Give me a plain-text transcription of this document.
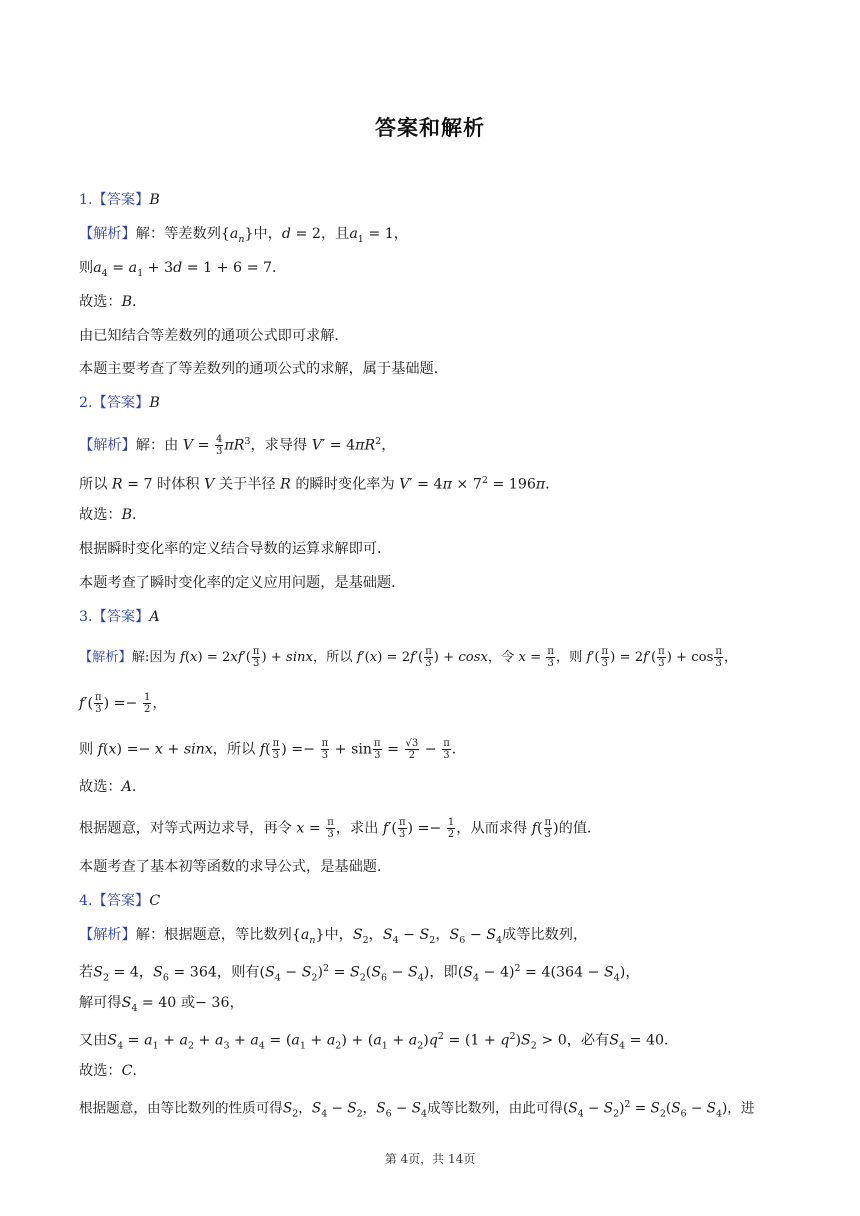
答案和解析
1.【答案】B
【解析】解：等差数列$\{a_n\}$中，d = 2，且$a_1 = 1$，
则$a_4 = a_1 + 3d = 1 + 6 = 7$．
故选：B．
由已知结合等差数列的通项公式即可求解．
本题主要考查了等差数列的通项公式的求解，属于基础题．
2.【答案】B
【解析】解：由 $V = \frac{4}{3} \pi R^3$，求导得 $V' = 4\pi R^2$，
所以 R = 7 时体积 V 关于半径 R 的瞬时变化率为 $V' = 4\pi \times 7^2 = 196\pi$．
故选：B．
根据瞬时变化率的定义结合导数的运算求解即可．
本题考查了瞬时变化率的定义应用问题，是基础题．
3.【答案】A
【解析】解:因为 $f(x) = 2xf'( \frac{\pi}{3}$ ) + sinx，所以 $f'(x) = 2f'( \frac{\pi}{3}$ ) + cosx，令 $x = \frac{\pi}{3}$ ，则 $f'( \frac{\pi}{3}$ ) = $2f'( \frac{\pi}{3}$ ) + $\cos \frac{\pi}{3}$ ，
$f'( \frac{\pi}{3}$ ) =− $\frac{1}{2}$ ，
则 f(x) =− x + sinx，所以 $f( \frac{\pi}{3}$ ) =− $\frac{\pi}{3} + \sin \frac{\pi}{3} = \frac{√3}{2} - \frac{\pi}{3}$ ．
故选：A．
根据题意，对等式两边求导，再令 $x = \frac{\pi}{3}$ ，求出 $f'( \frac{\pi}{3}$ ) =− $\frac{1}{2}$ ，从而求得 $f( \frac{\pi}{3}$ )的值．
本题考查了基本初等函数的求导公式，是基础题．
4.【答案】C
【解析】解：根据题意，等比数列$\{a_n\}$中，$S_2$，$S_4 - S_2$，$S_6 - S_4$成等比数列，
若$S_2 = 4$，$S_6 = 364$，则有$(S_4 - S_2)^2 = S_2(S_6 - S_4)$，即$(S_4 - 4)^2 = 4(364 - S_4)$，
解可得$S_4 = 40$ 或− 36，
又由$S_4 = a_1 + a_2 + a_3 + a_4 = (a_1 + a_2) + (a_1 + a_2)q^2 = (1 + q^2)S_2 > 0$，必有$S_4 = 40$．
故选：C．
根据题意，由等比数列的性质可得$S_2$，$S_4 - S_2$，$S_6 - S_4$成等比数列，由此可得$(S_4 - S_2)^2 = S_2(S_6 - S_4)$，进
第 4页，共 14页
